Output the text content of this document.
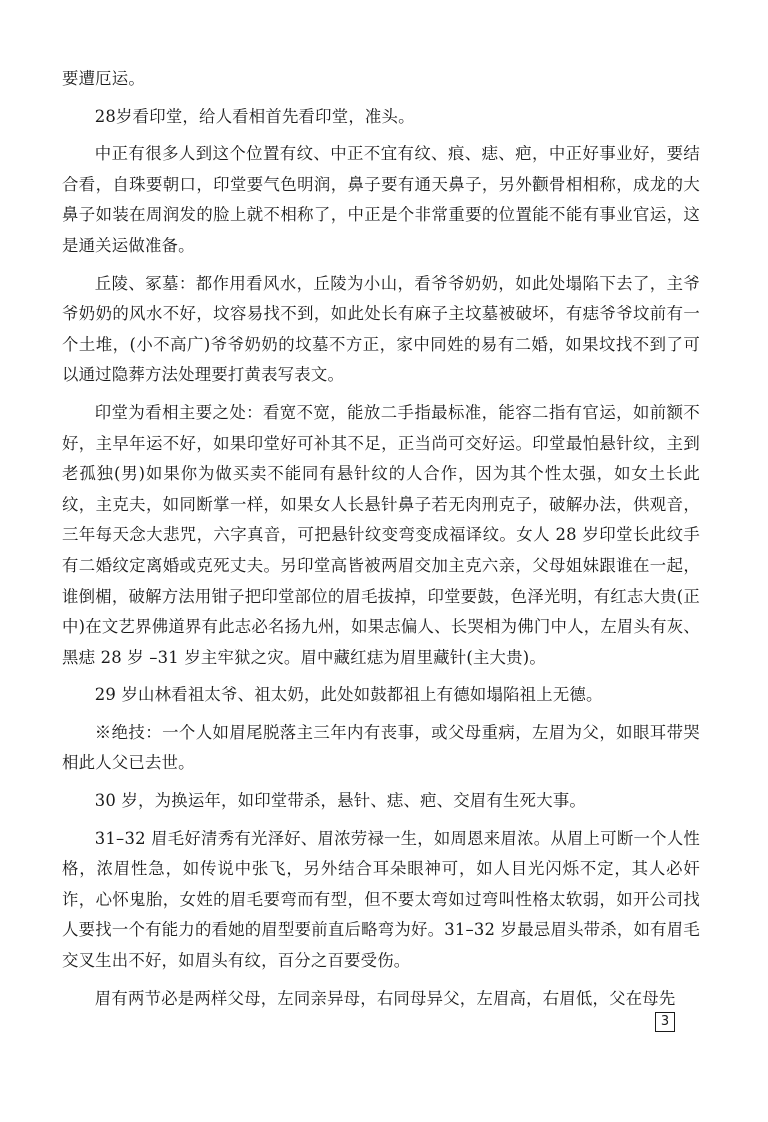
要遭厄运。

28岁看印堂，给人看相首先看印堂，准头。

中正有很多人到这个位置有纹、中正不宜有纹、痕、痣、疤，中正好事业好，要结合看，自珠要朝口，印堂要气色明润，鼻子要有通天鼻子，另外颧骨相相称，成龙的大鼻子如装在周润发的脸上就不相称了，中正是个非常重要的位置能不能有事业官运，这是通关运做准备。

丘陵、冢墓：都作用看风水，丘陵为小山，看爷爷奶奶，如此处塌陷下去了，主爷爷奶奶的风水不好，坟容易找不到，如此处长有麻子主坟墓被破坏，有痣爷爷坟前有一个土堆，(小不高广)爷爷奶奶的坟墓不方正，家中同姓的易有二婚，如果坟找不到了可以通过隐葬方法处理要打黄表写表文。

印堂为看相主要之处：看宽不宽，能放二手指最标准，能容二指有官运，如前额不好，主早年运不好，如果印堂好可补其不足，正当尚可交好运。印堂最怕悬针纹，主到老孤独(男)如果你为做买卖不能同有悬针纹的人合作，因为其个性太强，如女土长此纹，主克夫，如同断掌一样，如果女人长悬针鼻子若无肉刑克子，破解办法，供观音，三年每天念大悲咒，六字真音，可把悬针纹变弯变成福译纹。女人 28 岁印堂长此纹手有二婚纹定离婚或克死丈夫。另印堂高皆被两眉交加主克六亲，父母姐妹跟谁在一起，谁倒楣，破解方法用钳子把印堂部位的眉毛拔掉，印堂要鼓，色泽光明，有红志大贵(正中)在文艺界佛道界有此志必名扬九州，如果志偏人、长哭相为佛门中人，左眉头有灰、黑痣 28 岁 –31 岁主牢狱之灾。眉中藏红痣为眉里藏针(主大贵)。

29 岁山林看祖太爷、祖太奶，此处如鼓都祖上有德如塌陷祖上无德。

※绝技：一个人如眉尾脱落主三年内有丧事，或父母重病，左眉为父，如眼耳带哭相此人父已去世。

30 岁，为换运年，如印堂带杀，悬针、痣、疤、交眉有生死大事。

31–32 眉毛好清秀有光泽好、眉浓劳禄一生，如周恩来眉浓。从眉上可断一个人性格，浓眉性急，如传说中张飞，另外结合耳朵眼神可，如人目光闪烁不定，其人必奸诈，心怀鬼胎，女姓的眉毛要弯而有型，但不要太弯如过弯叫性格太软弱，如开公司找人要找一个有能力的看她的眉型要前直后略弯为好。31–32 岁最忌眉头带杀，如有眉毛交叉生出不好，如眉头有纹，百分之百要受伤。

眉有两节必是两样父母，左同亲异母，右同母异父，左眉高，右眉低，父在母先

3
